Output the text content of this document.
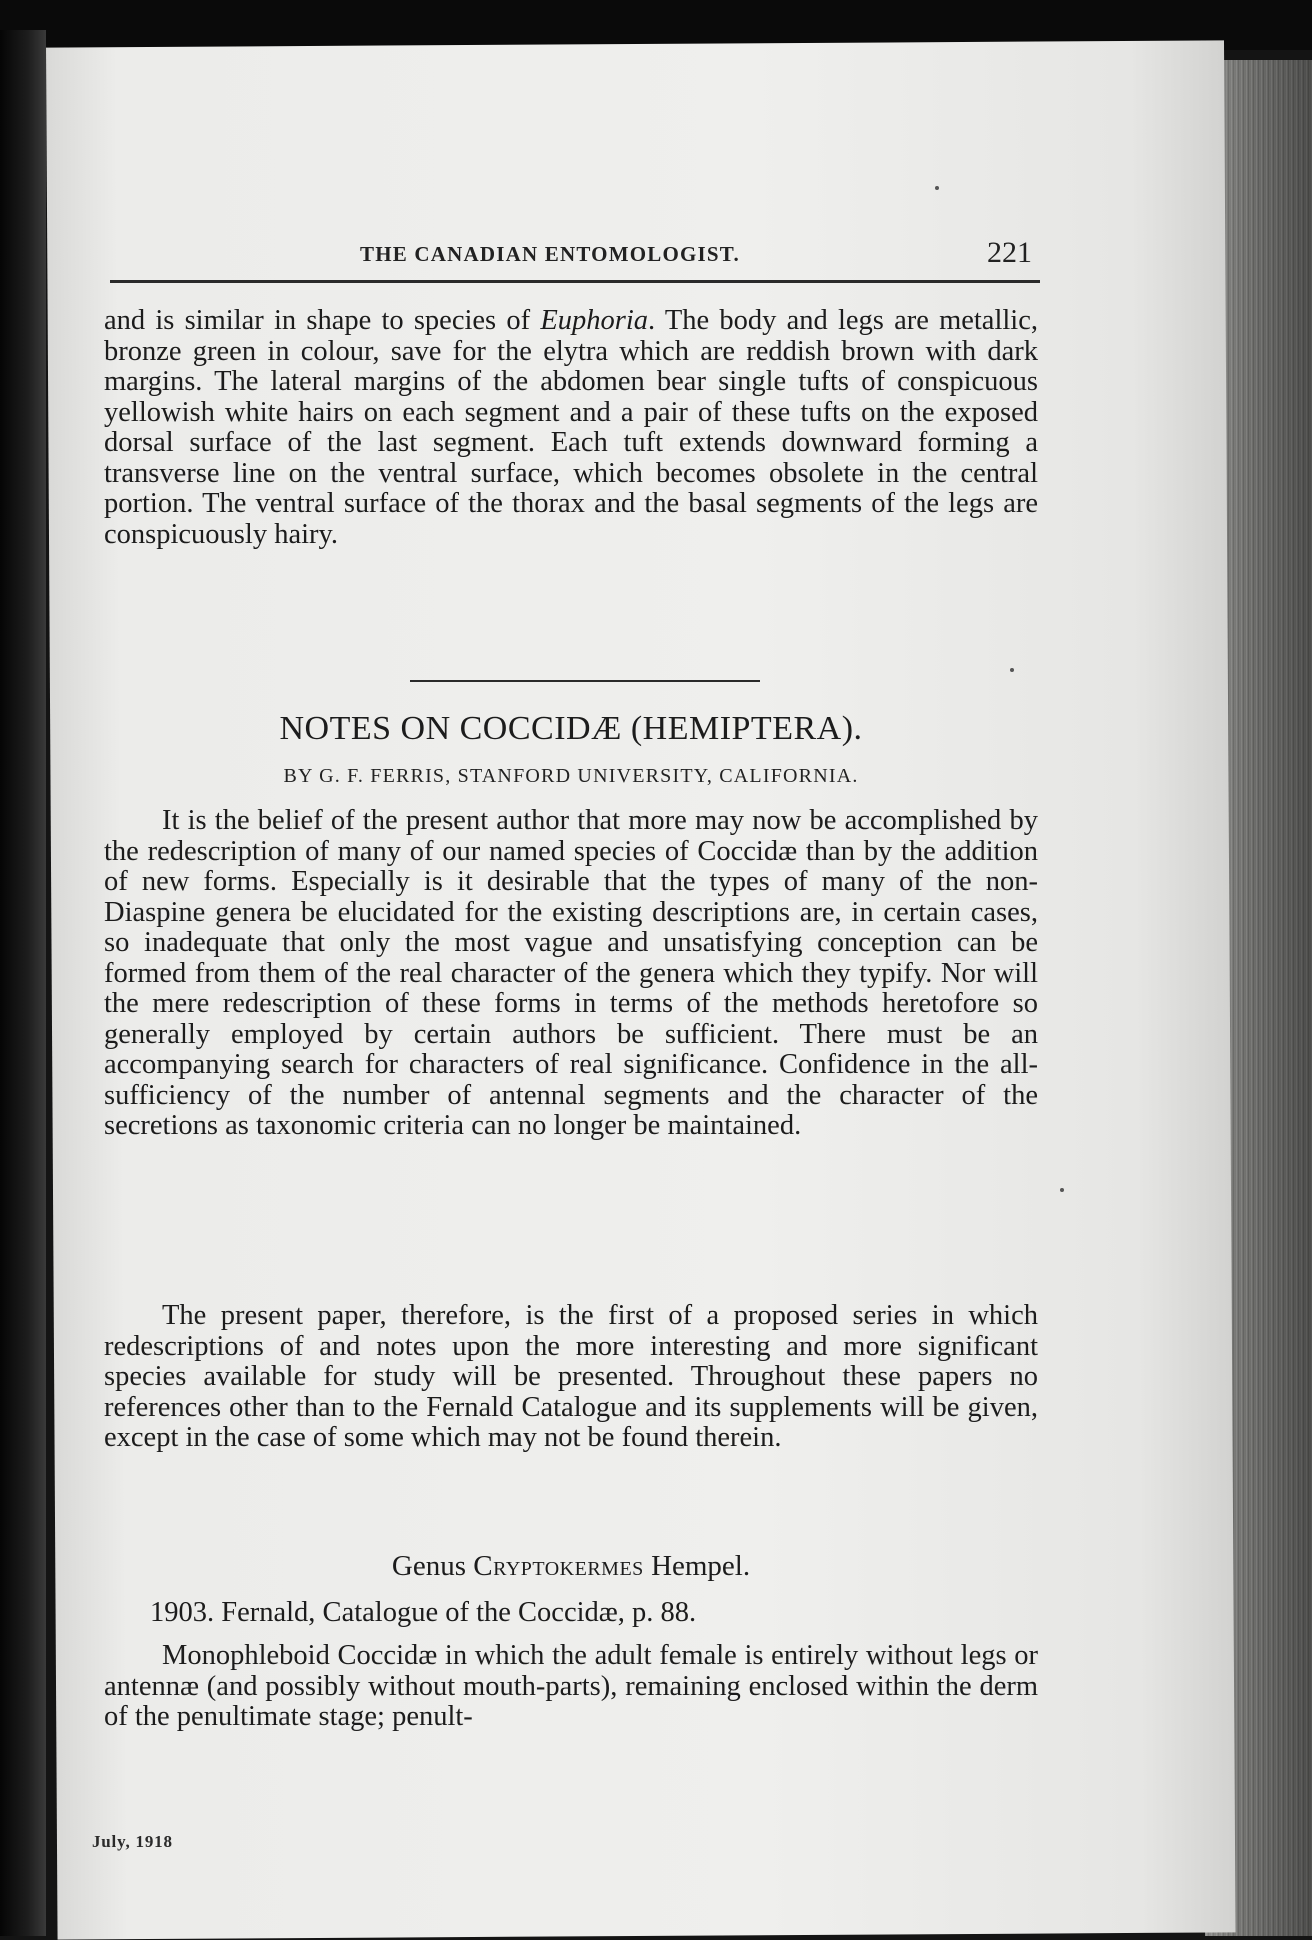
THE CANADIAN ENTOMOLOGIST.	221

and is similar in shape to species of Euphoria. The body and legs are metallic, bronze green in colour, save for the elytra which are reddish brown with dark margins. The lateral margins of the abdomen bear single tufts of conspicuous yellowish white hairs on each segment and a pair of these tufts on the exposed dorsal surface of the last segment. Each tuft extends downward forming a transverse line on the ventral surface, which becomes obsolete in the central portion. The ventral surface of the thorax and the basal segments of the legs are conspicuously hairy.

NOTES ON COCCIDÆ (HEMIPTERA).
BY G. F. FERRIS, STANFORD UNIVERSITY, CALIFORNIA.

It is the belief of the present author that more may now be accomplished by the redescription of many of our named species of Coccidæ than by the addition of new forms. Especially is it desirable that the types of many of the non-Diaspine genera be elucidated for the existing descriptions are, in certain cases, so inadequate that only the most vague and unsatisfying conception can be formed from them of the real character of the genera which they typify. Nor will the mere redescription of these forms in terms of the methods heretofore so generally employed by certain authors be sufficient. There must be an accompanying search for characters of real significance. Confidence in the all-sufficiency of the number of antennal segments and the character of the secretions as taxonomic criteria can no longer be maintained.

The present paper, therefore, is the first of a proposed series in which redescriptions of and notes upon the more interesting and more significant species available for study will be presented. Throughout these papers no references other than to the Fernald Catalogue and its supplements will be given, except in the case of some which may not be found therein.

Genus Cryptokermes Hempel.
1903. Fernald, Catalogue of the Coccidæ, p. 88.

Monophleboid Coccidæ in which the adult female is entirely without legs or antennæ (and possibly without mouth-parts), remaining enclosed within the derm of the penultimate stage; penult-

July, 1918
